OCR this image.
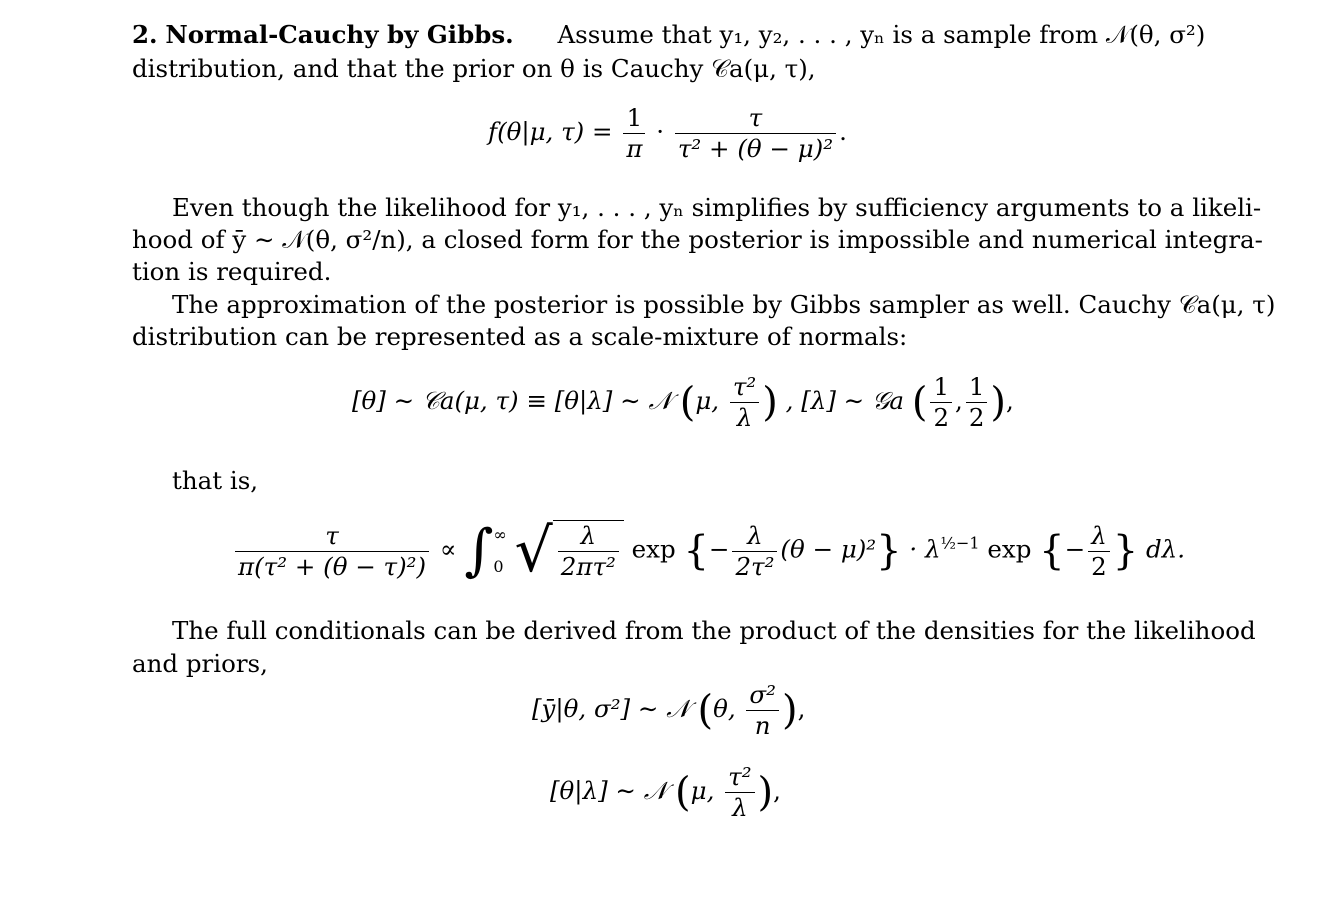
2. Normal-Cauchy by Gibbs. Assume that y₁, y₂, . . . , yₙ is a sample from 𝒩(θ, σ²)
distribution, and that the prior on θ is Cauchy 𝒞a(μ, τ),
f(θ|μ, $\tau) = \frac{1}{\pi} \cdot \frac{\tau}{\text{τ² + (θ − μ)²}}$ .
Even though the likelihood for y₁, . . . , yₙ simplifies by sufficiency arguments to a likeli-
hood of ȳ ∼ 𝒩(θ, σ²/n), a closed form for the posterior is impossible and numerical integra-
tion is required.
The approximation of the posterior is possible by Gibbs sampler as well. Cauchy 𝒞a(μ, τ)
distribution can be represented as a scale-mixture of normals:
[θ] ∼ 𝒞a(μ, τ) ≡ [θ|λ] ∼ 𝒩 (μ, $\frac{\text{τ²}}{\lambda}$ ) , [λ] ∼ 𝒢a ( $\frac{1}{2}$ , $\frac{1}{2}$ ),
that is,
$\frac{\tau}{\text{π(τ² + (θ − τ)²)}}$ ∝ ∫ ∞
0 √ $\frac{\lambda}{\text{2πτ²}}$ exp {− $\frac{\lambda}{\text{2τ²}} (\theta - \mu)^2\} \cdot \lambda^{\frac{1}{2}-1}$ exp {− $\frac{\lambda}{2}$ } dλ.
The full conditionals can be derived from the product of the densities for the likelihood
and priors,
[ȳ|θ, σ²] ∼ 𝒩 (θ, $\frac{\text{σ²}}{n}$ ),
[θ|λ] ∼ 𝒩 (μ, $\frac{\text{τ²}}{\lambda}$ ),
